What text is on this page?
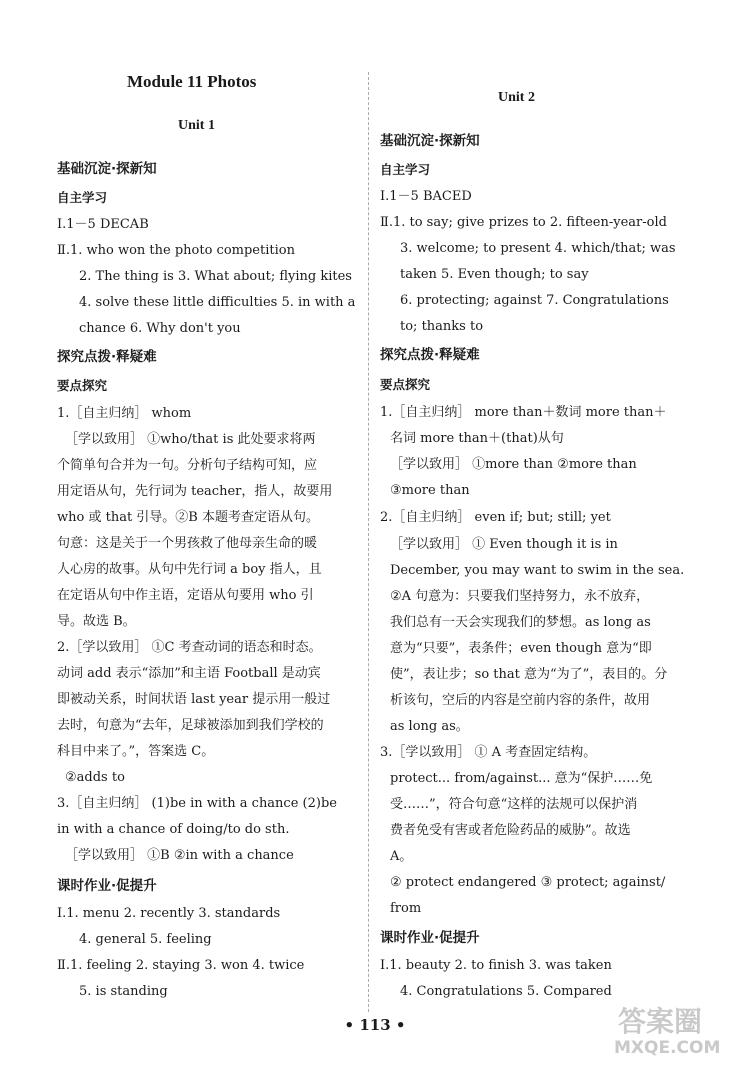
Module 11 Photos
Unit 1
基础沉淀·探新知
自主学习
Ⅰ.1－5 DECAB
Ⅱ.1. who won the photo competition
2. The thing is 3. What about; flying kites
4. solve these little difficulties 5. in with a
chance 6. Why don't you
探究点拨·释疑难
要点探究
1.［自主归纳］ whom
［学以致用］ ①who/that is 此处要求将两
个简单句合并为一句。分析句子结构可知，应
用定语从句，先行词为 teacher，指人，故要用
who 或 that 引导。②B 本题考查定语从句。
句意：这是关于一个男孩救了他母亲生命的暖
人心房的故事。从句中先行词 a boy 指人，且
在定语从句中作主语，定语从句要用 who 引
导。故选 B。
2.［学以致用］ ①C 考查动词的语态和时态。
动词 add 表示“添加”和主语 Football 是动宾
即被动关系，时间状语 last year 提示用一般过
去时，句意为“去年，足球被添加到我们学校的
科目中来了。”，答案选 C。
②adds to
3.［自主归纳］ (1)be in with a chance (2)be
in with a chance of doing/to do sth.
［学以致用］ ①B ②in with a chance
课时作业·促提升
Ⅰ.1. menu 2. recently 3. standards
4. general 5. feeling
Ⅱ.1. feeling 2. staying 3. won 4. twice
5. is standing
Unit 2
基础沉淀·探新知
自主学习
Ⅰ.1－5 BACED
Ⅱ.1. to say; give prizes to 2. fifteen-year-old
3. welcome; to present 4. which/that; was
taken 5. Even though; to say
6. protecting; against 7. Congratulations
to; thanks to
探究点拨·释疑难
要点探究
1.［自主归纳］ more than＋数词 more than＋
名词 more than＋(that)从句
［学以致用］ ①more than ②more than
③more than
2.［自主归纳］ even if; but; still; yet
［学以致用］ ① Even though it is in
December, you may want to swim in the sea.
②A 句意为：只要我们坚持努力，永不放弃，
我们总有一天会实现我们的梦想。as long as
意为“只要”，表条件；even though 意为“即
使”，表让步；so that 意为“为了”，表目的。分
析该句，空后的内容是空前内容的条件，故用
as long as。
3.［学以致用］ ① A 考查固定结构。
protect... from/against... 意为“保护……免
受……”，符合句意“这样的法规可以保护消
费者免受有害或者危险药品的威胁”。故选
A。
② protect endangered ③ protect; against/
from
课时作业·促提升
Ⅰ.1. beauty 2. to finish 3. was taken
4. Congratulations 5. Compared
• 113 •	答案圈
MXQE.COM
